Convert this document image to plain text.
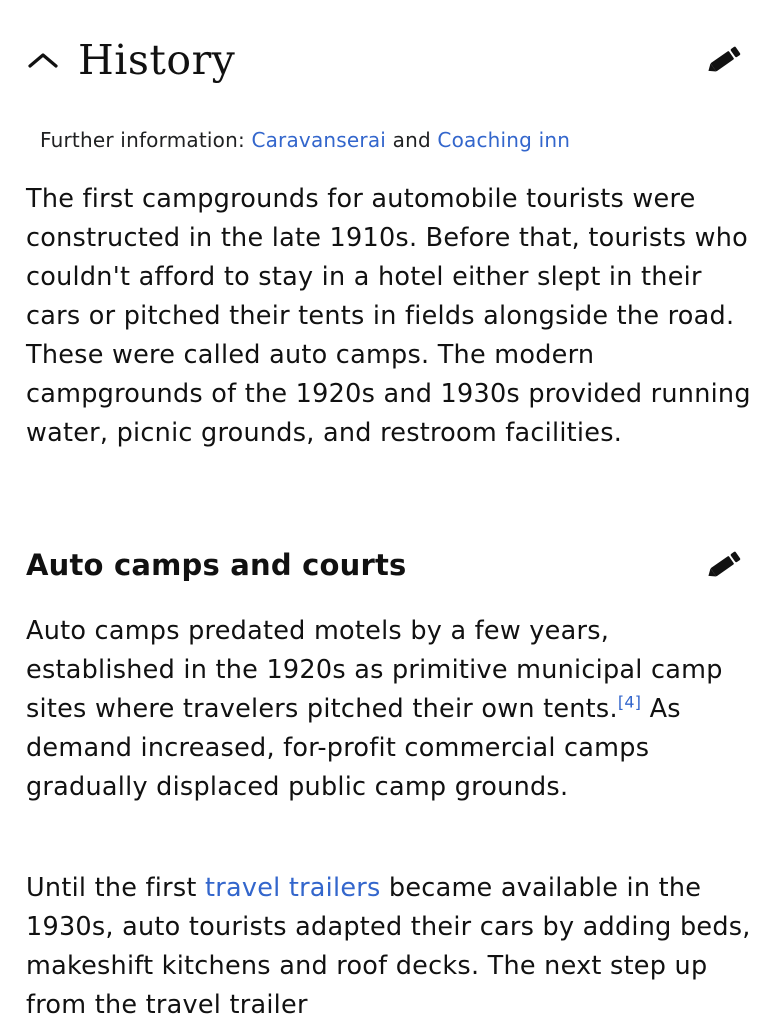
History
Further information: Caravanserai and Coaching inn

The first campgrounds for automobile tourists were constructed in the late 1910s. Before that, tourists who couldn't afford to stay in a hotel either slept in their cars or pitched their tents in fields alongside the road. These were called auto camps. The modern campgrounds of the 1920s and 1930s provided running water, picnic grounds, and restroom facilities.

Auto camps and courts

Auto camps predated motels by a few years, established in the 1920s as primitive municipal camp sites where travelers pitched their own tents.[4] As demand increased, for-profit commercial camps gradually displaced public camp grounds.

Until the first travel trailers became available in the 1930s, auto tourists adapted their cars by adding beds, makeshift kitchens and roof decks. The next step up from the travel trailer
